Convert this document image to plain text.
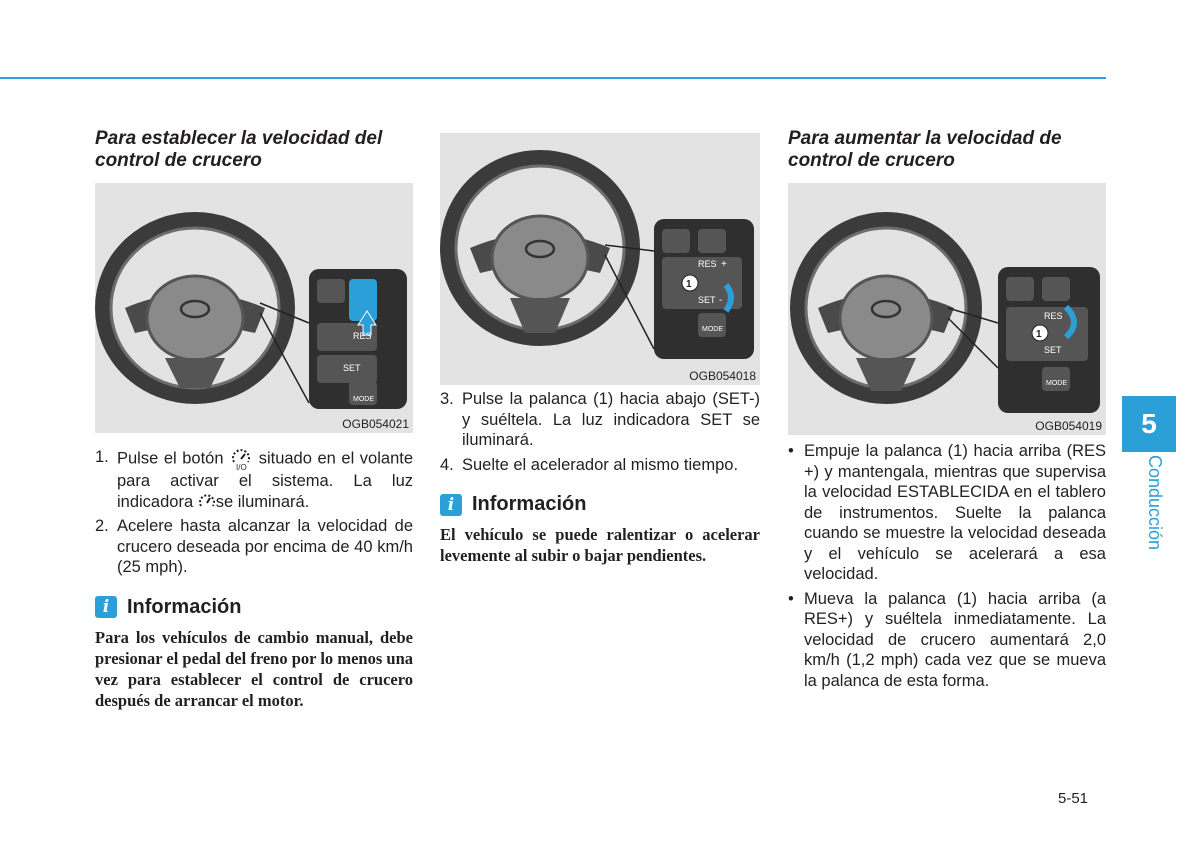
Para establecer la velocidad del
control de crucero
RES
SET
MODE
OGB054021
1. Pulse el botón
I/O
situado en el volante para activar el sistema. La luz indicadora se iluminará.
2. Acelere hasta alcanzar la velocidad de crucero deseada por encima de 40 km/h (25 mph).
i Información
Para los vehículos de cambio manual, debe presionar el pedal del freno por lo menos una vez para establecer el control de crucero después de arrancar el motor.
1
RES +
SET -
MODE
OGB054018
3. Pulse la palanca (1) hacia abajo (SET-) y suéltela. La luz indicadora SET se iluminará.
4. Suelte el acelerador al mismo tiempo.
i Información
El vehículo se puede ralentizar o acelerar levemente al subir o bajar pendientes.
Para aumentar la velocidad de
control de crucero
1
RES
SET
MODE
OGB054019
• Empuje la palanca (1) hacia arriba (RES +) y mantengala, mientras que supervisa la velocidad ESTABLECIDA en el tablero de instrumentos. Suelte la palanca cuando se muestre la velocidad deseada y el vehículo se acelerará a esa velocidad.
• Mueva la palanca (1) hacia arriba (a RES+) y suéltela inmediatamente. La velocidad de crucero aumentará 2,0 km/h (1,2 mph) cada vez que se mueva la palanca de esta forma.
5
Conducción
5-51
